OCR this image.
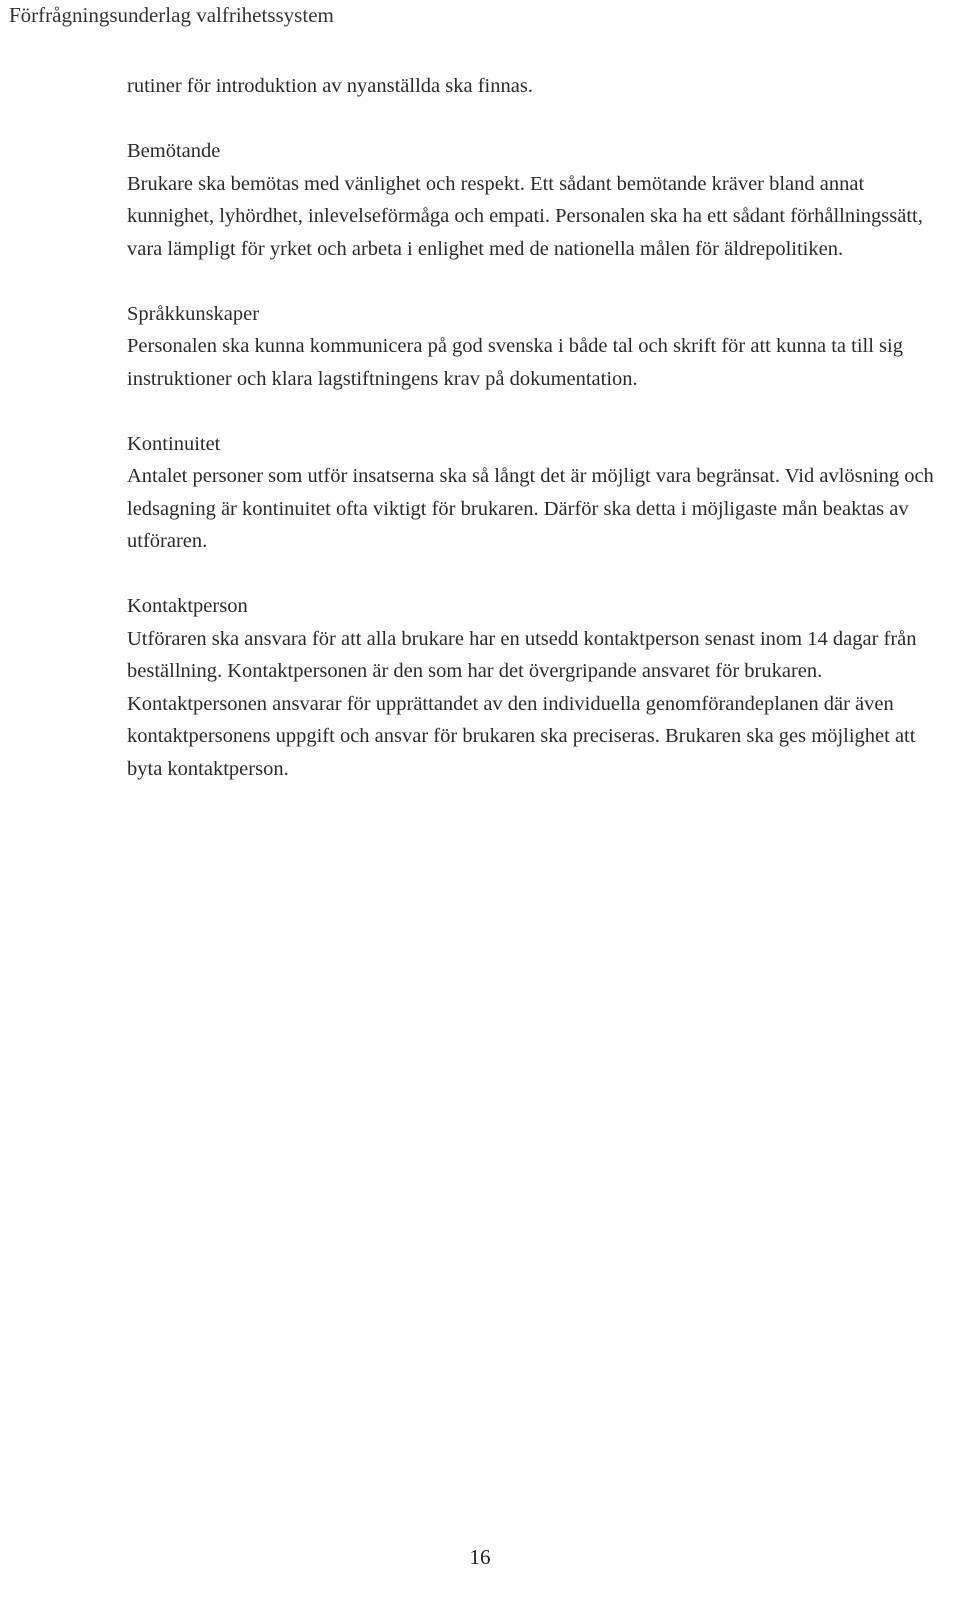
Förfrågningsunderlag valfrihetssystem

rutiner för introduktion av nyanställda ska finnas.

Bemötande

Brukare ska bemötas med vänlighet och respekt. Ett sådant bemötande kräver bland annat kunnighet, lyhördhet, inlevelseförmåga och empati. Personalen ska ha ett sådant förhållningssätt, vara lämpligt för yrket och arbeta i enlighet med de nationella målen för äldrepolitiken.

Språkkunskaper

Personalen ska kunna kommunicera på god svenska i både tal och skrift för att kunna ta till sig instruktioner och klara lagstiftningens krav på dokumentation.

Kontinuitet

Antalet personer som utför insatserna ska så långt det är möjligt vara begränsat. Vid avlösning och ledsagning är kontinuitet ofta viktigt för brukaren. Därför ska detta i möjligaste mån beaktas av utföraren.

Kontaktperson

Utföraren ska ansvara för att alla brukare har en utsedd kontaktperson senast inom 14 dagar från beställning. Kontaktpersonen är den som har det övergripande ansvaret för brukaren. Kontaktpersonen ansvarar för upprättandet av den individuella genomförandeplanen där även kontaktpersonens uppgift och ansvar för brukaren ska preciseras. Brukaren ska ges möjlighet att byta kontaktperson.

16
